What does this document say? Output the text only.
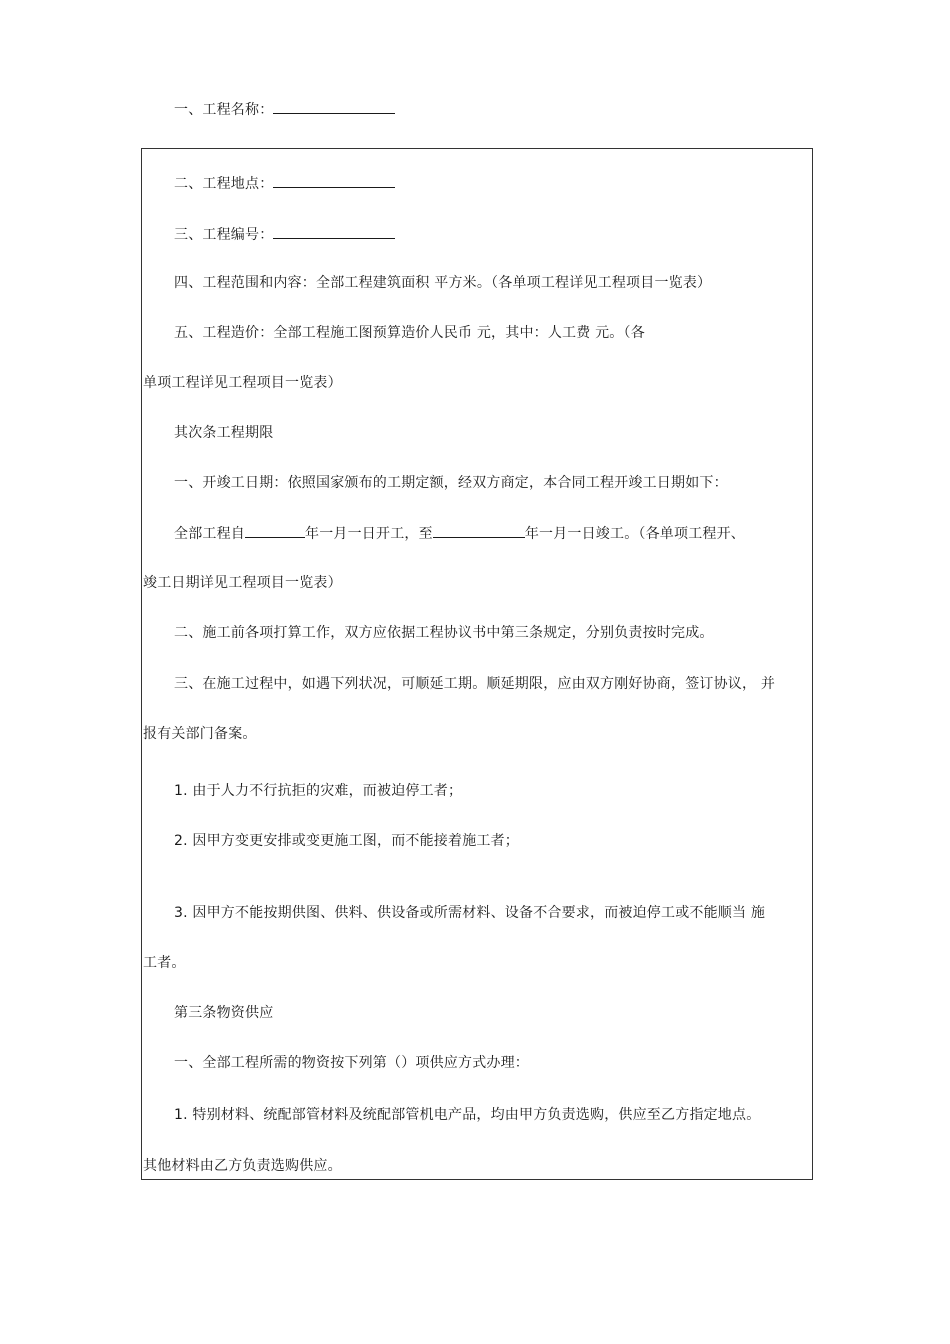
一、工程名称：
二、工程地点：
三、工程编号：
四、工程范围和内容：全部工程建筑面积 平方米。（各单项工程详见工程项目一览表）
五、工程造价：全部工程施工图预算造价人民币 元，其中：人工费 元。（各
单项工程详见工程项目一览表）
其次条工程期限
一、开竣工日期：依照国家颁布的工期定额，经双方商定，本合同工程开竣工日期如下：
全部工程自	年一月一日开工，至	年一月一日竣工。（各单项工程开、
竣工日期详见工程项目一览表）
二、施工前各项打算工作，双方应依据工程协议书中第三条规定，分别负责按时完成。
三、在施工过程中，如遇下列状况，可顺延工期。顺延期限，应由双方刚好协商，签订协议， 并
报有关部门备案。
1. 由于人力不行抗拒的灾难，而被迫停工者；
2. 因甲方变更安排或变更施工图，而不能接着施工者；
3. 因甲方不能按期供图、供料、供设备或所需材料、设备不合要求，而被迫停工或不能顺当 施
工者。
第三条物资供应
一、全部工程所需的物资按下列第（）项供应方式办理：
1. 特别材料、统配部管材料及统配部管机电产品，均由甲方负责选购，供应至乙方指定地点。
其他材料由乙方负责选购供应。
